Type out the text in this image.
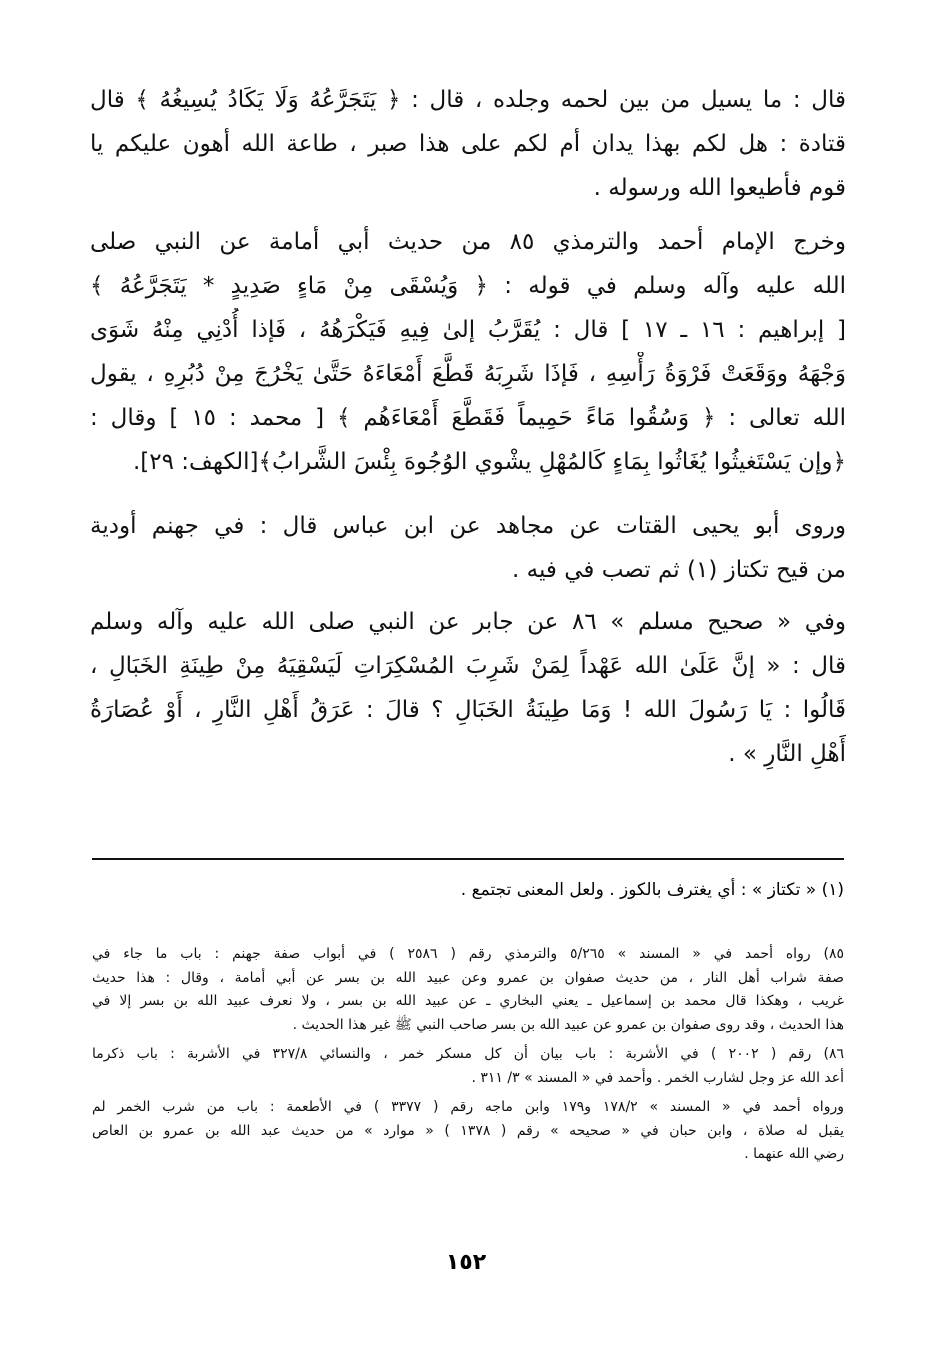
قال : ما يسيل من بين لحمه وجلده ، قال : ﴿ يَتَجَرَّعُهُ وَلَا يَكَادُ يُسِيغُهُ ﴾ قال
قتادة : هل لكم بهذا يدان أم لكم على هذا صبر ، طاعة الله أهون عليكم يا
قوم فأطيعوا الله ورسوله .
وخرج الإمام أحمد والترمذي ٨٥ من حديث أبي أمامة عن النبي صلى
الله عليه وآله وسلم في قوله : ﴿ وَيُسْقَى مِنْ مَاءٍ صَدِيدٍ * يَتَجَرَّعُهُ ﴾
[ إبراهيم : ١٦ ـ ١٧ ] قال : يُقَرَّبُ إلىٰ فِيهِ فَيَكْرَهُهُ ، فَإذا أُدْنِي مِنْهُ شَوَى
وَجْهَهُ ووَقَعَتْ فَرْوَةُ رَأْسِهِ ، فَإذَا شَرِبَهُ قَطَّعَ أَمْعَاءَهُ حَتَّىٰ يَخْرُجَ مِنْ دُبُرِهِ ، يقول
الله تعالى : ﴿ وَسُقُوا مَاءً حَمِيماً فَقَطَّعَ أَمْعَاءَهُم ﴾ [ محمد : ١٥ ] وقال :
﴿وإن يَسْتَغيثُوا يُغَاثُوا بِمَاءٍ كَالمُهْلِ يشْوي الوُجُوهَ بِئْسَ الشَّرابُ﴾[الكهف: ٢٩].
وروى أبو يحيى القتات عن مجاهد عن ابن عباس قال : في جهنم أودية
من قيح تكتاز (١) ثم تصب في فيه .
وفي « صحيح مسلم » ٨٦ عن جابر عن النبي صلى الله عليه وآله وسلم
قال : « إنَّ عَلَىٰ الله عَهْداً لِمَنْ شَرِبَ المُسْكِرَاتِ لَيَسْقِيَهُ مِنْ طِينَةِ الخَبَالِ ،
قَالُوا : يَا رَسُولَ الله ! وَمَا طِينَةُ الخَبَالِ ؟ قالَ : عَرَقُ أَهْلِ النَّارِ ، أَوْ عُصَارَةُ
أَهْلِ النَّارِ » .
(١) « تكتاز » : أي يغترف بالكوز . ولعل المعنى تجتمع .
٨٥) رواه أحمد في « المسند » ٥/٢٦٥ والترمذي رقم ( ٢٥٨٦ ) في أبواب صفة جهنم : باب ما جاء في
صفة شراب أهل النار ، من حديث صفوان بن عمرو وعن عبيد الله بن بسر عن أبي أمامة ، وقال : هذا حديث
غريب ، وهكذا قال محمد بن إسماعيل ـ يعني البخاري ـ عن عبيد الله بن بسر ، ولا نعرف عبيد الله بن بسر إلا في
هذا الحديث ، وقد روى صفوان بن عمرو عن عبيد الله بن بسر صاحب النبي ﷺ غير هذا الحديث .
٨٦) رقم ( ٢٠٠٢ ) في الأشربة : باب بيان أن كل مسكر خمر ، والنسائي ٣٢٧/٨ في الأشربة : باب ذكرما
أعد الله عز وجل لشارب الخمر . وأحمد في « المسند » ٣/ ٣١١ .
ورواه أحمد في « المسند » ١٧٨/٢ و١٧٩ وابن ماجه رقم ( ٣٣٧٧ ) في الأطعمة : باب من شرب الخمر لم
يقبل له صلاة ، وابن حبان في « صحيحه » رقم ( ١٣٧٨ ) « موارد » من حديث عبد الله بن عمرو بن العاص
رضي الله عنهما .
١٥٢
